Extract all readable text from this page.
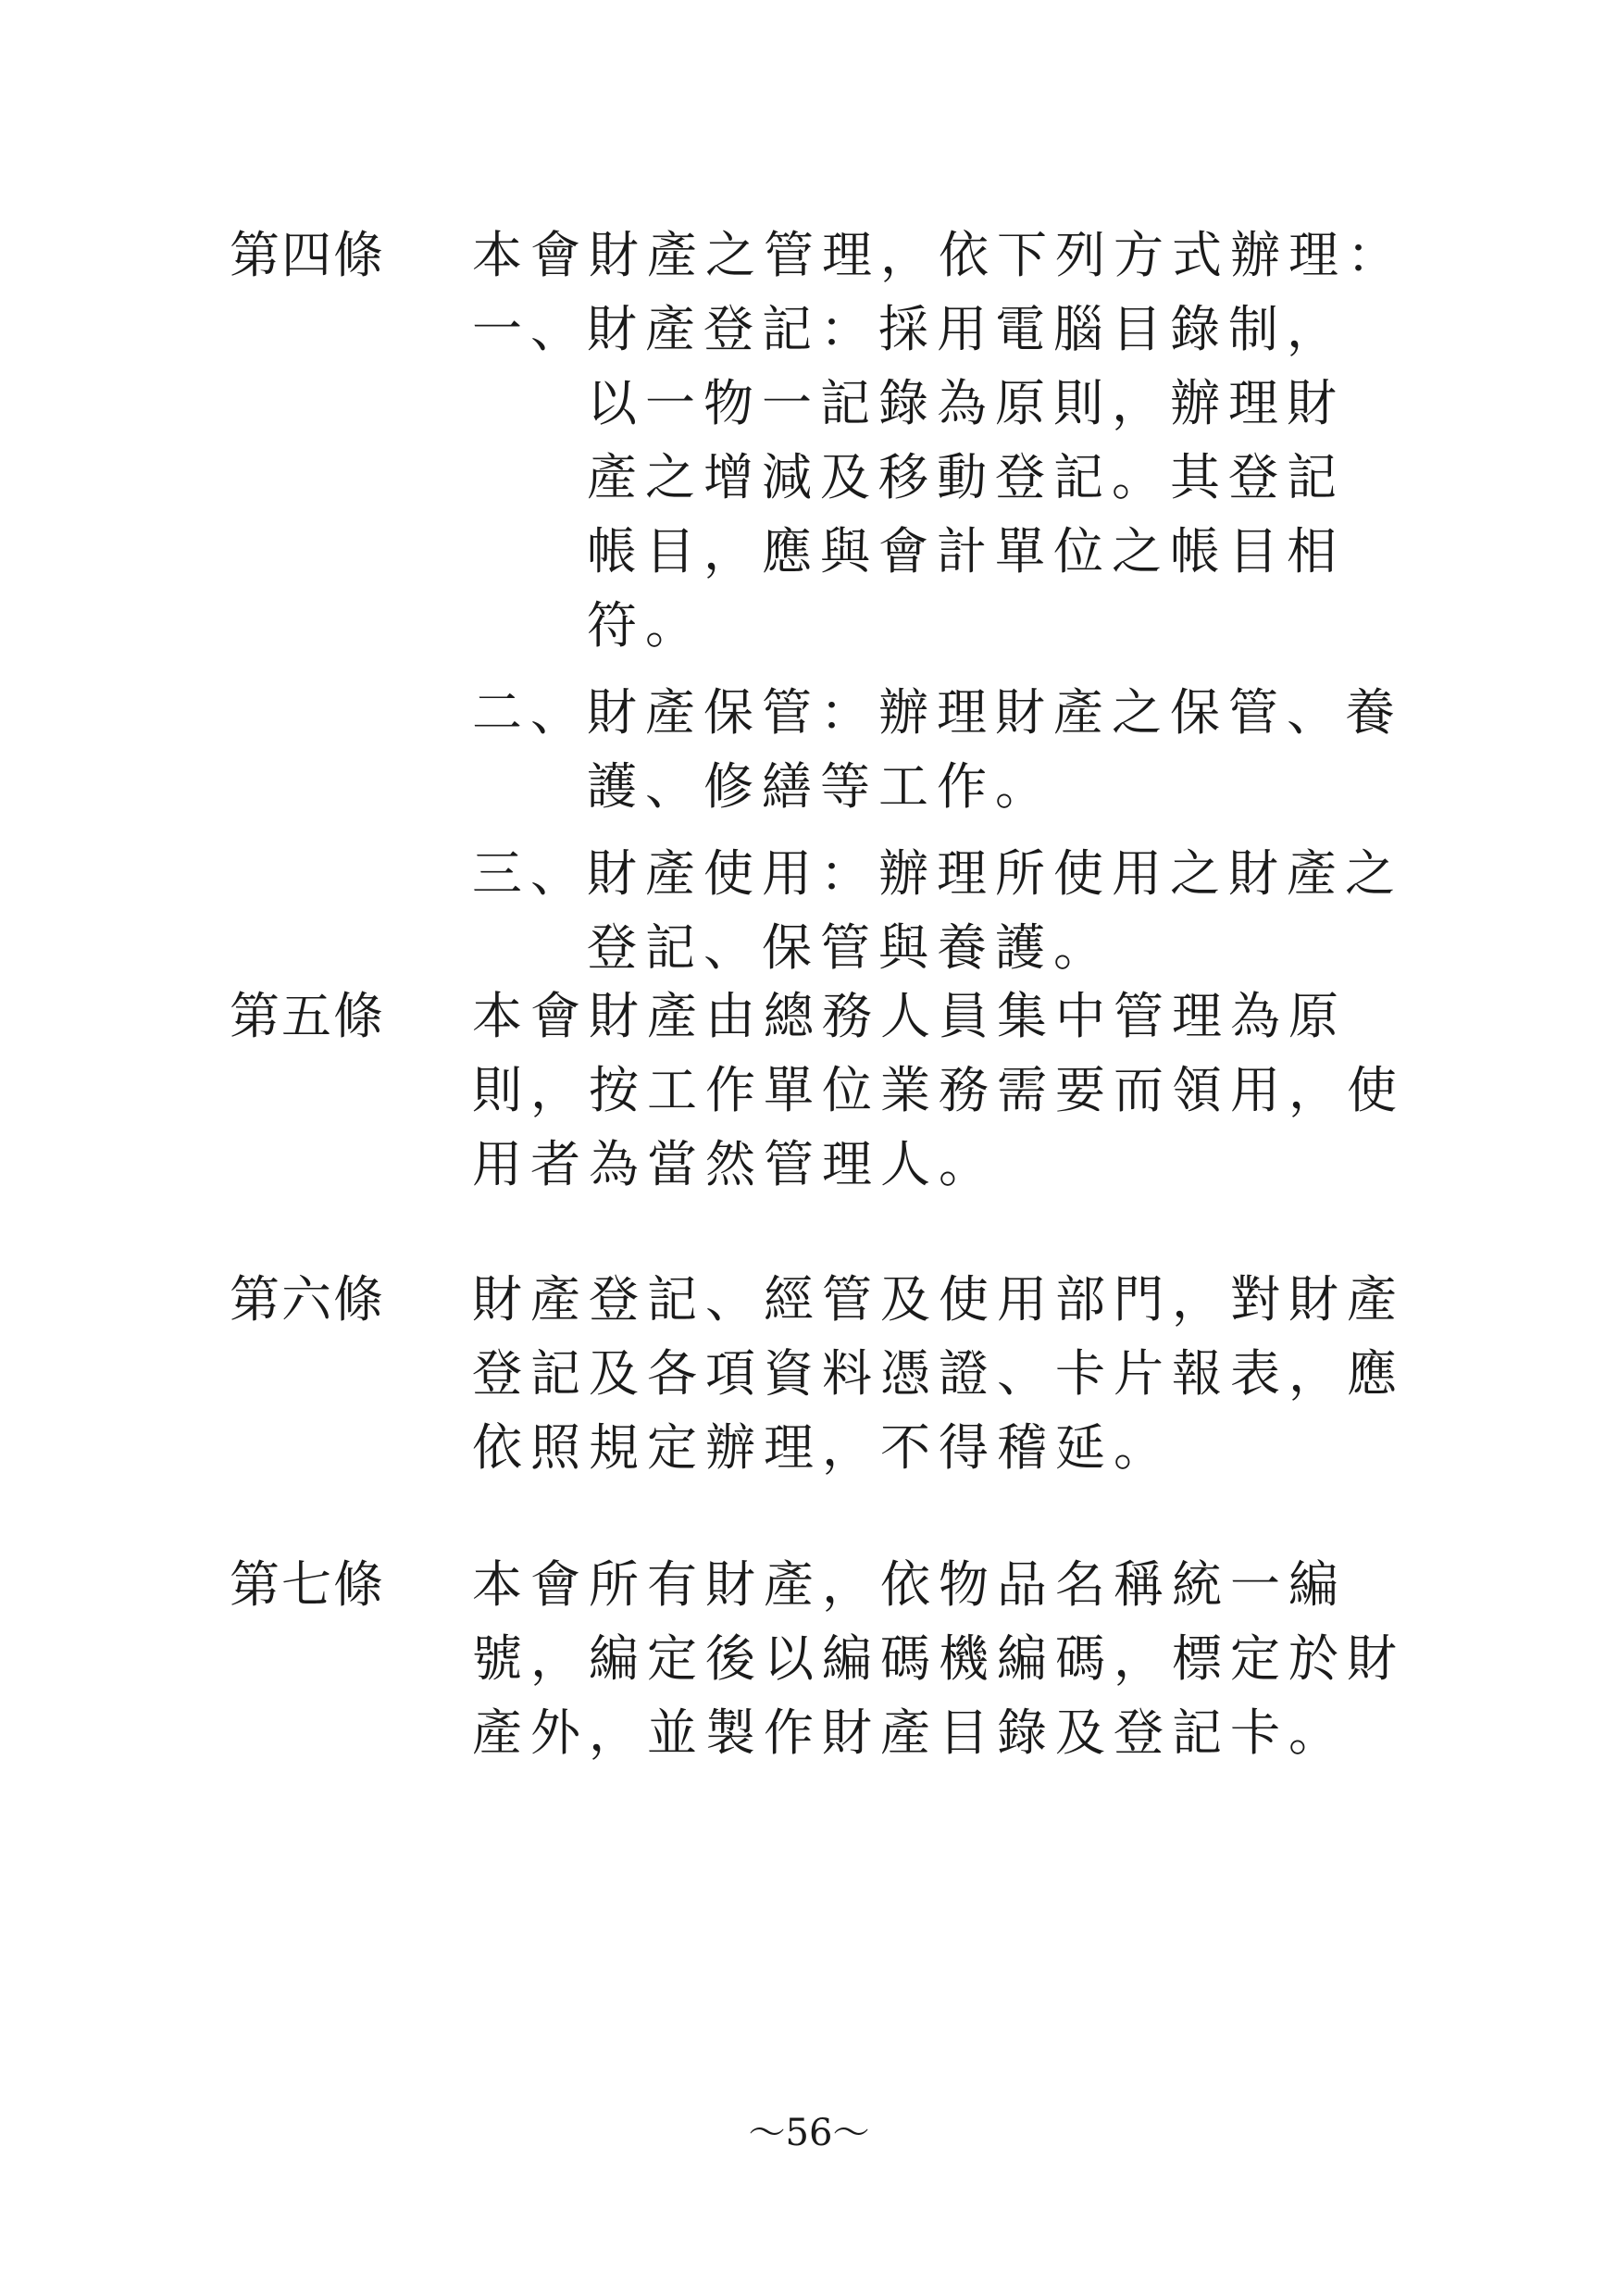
第四條 本會財產之管理，依下列方式辦理：
一、
財產登記：採用電腦目錄制，
以一物一記錄為原則，辦理財
產之增減及移動登記。其登記
帳目，應與會計單位之帳目相
符。
二、
財產保管：辦理財產之保管、養
護、修繕等工作。
三、
財產使用：辦理所使用之財產之
登記、保管與養護。
第五條 本會財產由總務人員集中管理為原
則，按工作單位業務需要而領用，使
用者為當然管理人。
第六條 財產登記、經管及使用部門，對財產
登記及各項資料憑證、卡片報表，應
依照規定辦理，不得稽延。
第七條 本會所有財產，依物品名稱統一編
號，編定後以編碼機編碼，標定於財
產外，並製作財產目錄及登記卡。
～56～
